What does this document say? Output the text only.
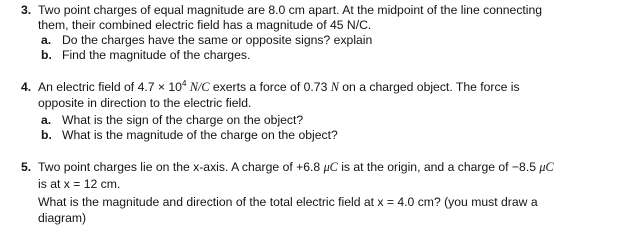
3. Two point charges of equal magnitude are 8.0 cm apart. At the midpoint of the line connecting
them, their combined electric field has a magnitude of 45 N/C.
a. Do the charges have the same or opposite signs? explain
b. Find the magnitude of the charges.
4. An electric field of $4.7 \times 10^4$ N/C exerts a force of 0.73 N on a charged object. The force is
opposite in direction to the electric field.
a. What is the sign of the charge on the object?
b. What is the magnitude of the charge on the object?
5. Two point charges lie on the x-axis. A charge of +6.8 μC is at the origin, and a charge of −8.5 μC
is at x = 12 cm.
What is the magnitude and direction of the total electric field at x = 4.0 cm? (you must draw a
diagram)
